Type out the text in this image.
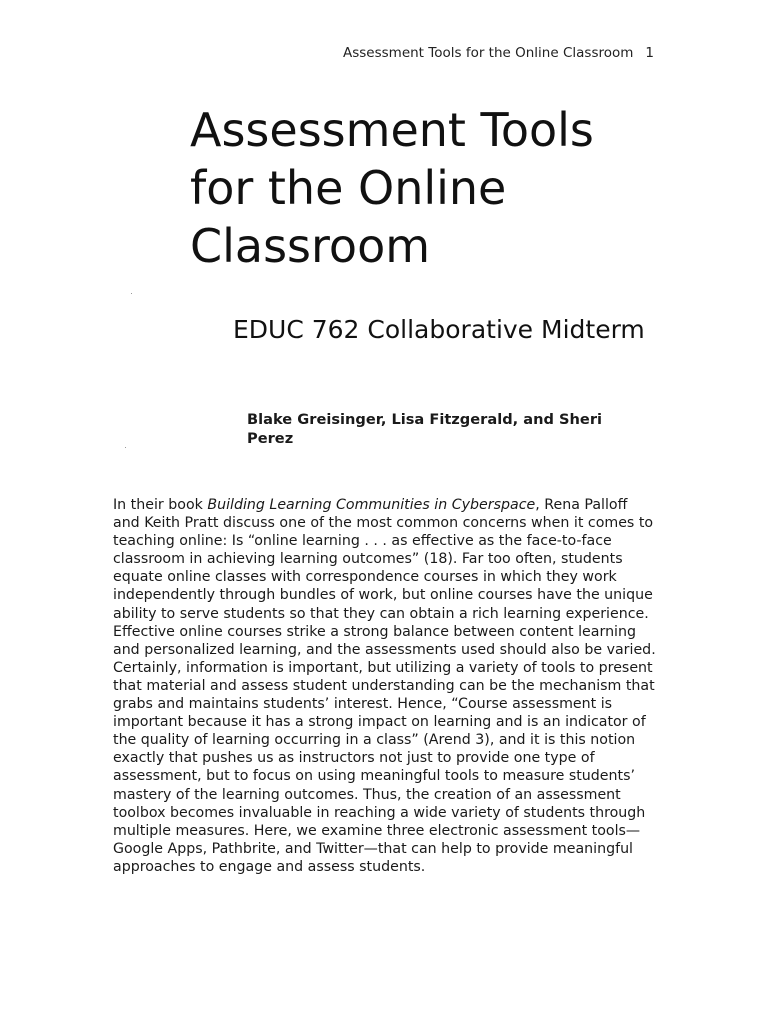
Assessment Tools for the Online Classroom 1
Assessment Tools for the Online Classroom
EDUC 762 Collaborative Midterm

Blake Greisinger, Lisa Fitzgerald, and Sheri Perez

In their book Building Learning Communities in Cyberspace, Rena Palloff and Keith Pratt discuss one of the most common concerns when it comes to teaching online: Is “online learning . . . as effective as the face-to-face classroom in achieving learning outcomes” (18). Far too often, students equate online classes with correspondence courses in which they work independently through bundles of work, but online courses have the unique ability to serve students so that they can obtain a rich learning experience. Effective online courses strike a strong balance between content learning and personalized learning, and the assessments used should also be varied. Certainly, information is important, but utilizing a variety of tools to present that material and assess student understanding can be the mechanism that grabs and maintains students’ interest. Hence, “Course assessment is important because it has a strong impact on learning and is an indicator of the quality of learning occurring in a class” (Arend 3), and it is this notion exactly that pushes us as instructors not just to provide one type of assessment, but to focus on using meaningful tools to measure students’ mastery of the learning outcomes. Thus, the creation of an assessment toolbox becomes invaluable in reaching a wide variety of students through multiple measures. Here, we examine three electronic assessment tools—Google Apps, Pathbrite, and Twitter—that can help to provide meaningful approaches to engage and assess students.
